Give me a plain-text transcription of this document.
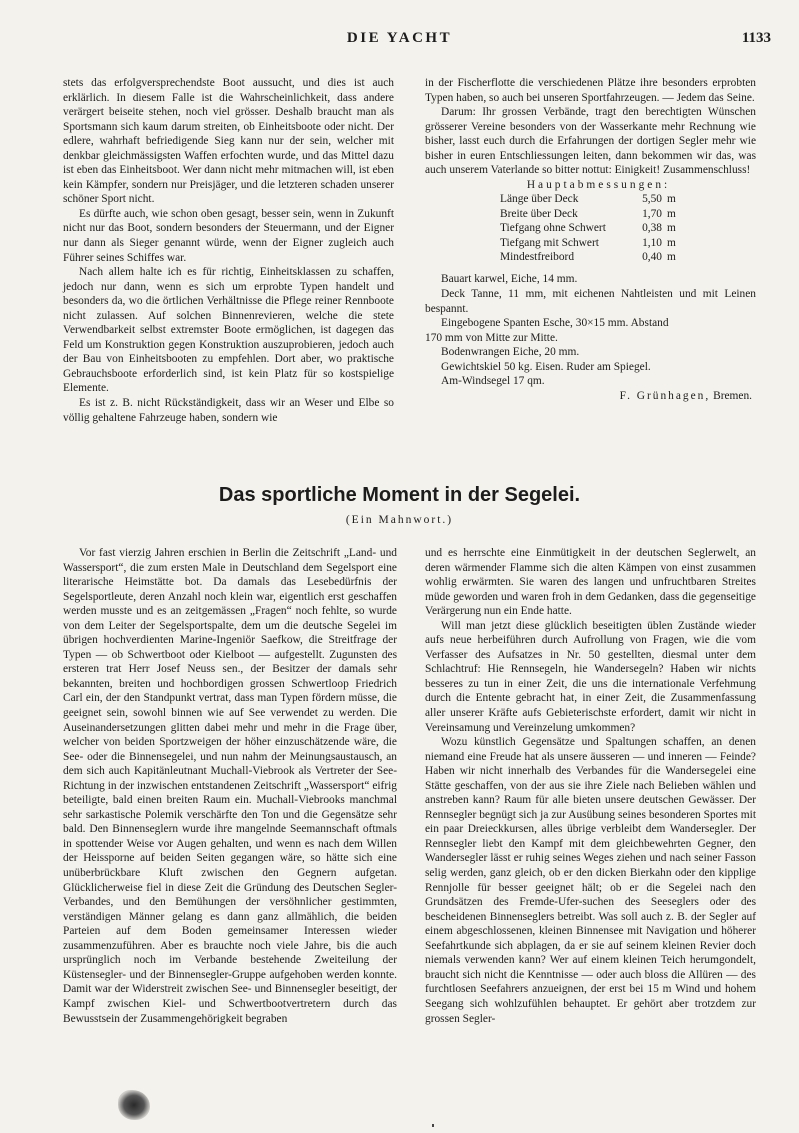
DIE YACHT	1133

stets das erfolgversprechendste Boot aussucht, und dies ist auch erklärlich. In diesem Falle ist die Wahrscheinlichkeit, dass andere verärgert beiseite stehen, noch viel grösser. Deshalb braucht man als Sportsmann sich kaum darum streiten, ob Einheitsboote oder nicht. Der edlere, wahrhaft befriedigende Sieg kann nur der sein, welcher mit denkbar gleichmässigsten Waffen erfochten wurde, und das Mittel dazu ist eben das Einheitsboot. Wer dann nicht mehr mitmachen will, ist eben kein Kämpfer, sondern nur Preisjäger, und die letzteren schaden unserer schöner Sport nicht.

Es dürfte auch, wie schon oben gesagt, besser sein, wenn in Zukunft nicht nur das Boot, sondern besonders der Steuermann, und der Eigner nur dann als Sieger genannt würde, wenn der Eigner zugleich auch Führer seines Schiffes war.

Nach allem halte ich es für richtig, Einheitsklassen zu schaffen, jedoch nur dann, wenn es sich um erprobte Typen handelt und besonders da, wo die örtlichen Verhältnisse die Pflege reiner Rennboote nicht zulassen. Auf solchen Binnenrevieren, welche die stete Verwendbarkeit selbst extremster Boote ermöglichen, ist dagegen das Feld um Konstruktion gegen Konstruktion auszuprobieren, jedoch auch der Bau von Einheitsbooten zu empfehlen. Dort aber, wo praktische Gebrauchsboote erforderlich sind, ist kein Platz für so kostspielige Elemente.

Es ist z. B. nicht Rückständigkeit, dass wir an Weser und Elbe so völlig gehaltene Fahrzeuge haben, sondern wie

in der Fischerflotte die verschiedenen Plätze ihre besonders erprobten Typen haben, so auch bei unseren Sportfahrzeugen. — Jedem das Seine.

Darum: Ihr grossen Verbände, tragt den berechtigten Wünschen grösserer Vereine besonders von der Wasserkante mehr Rechnung wie bisher, lasst euch durch die Erfahrungen der dortigen Segler mehr wie bisher in euren Entschliessungen leiten, dann bekommen wir das, was auch unserem Vaterlande so bitter nottut: Einigkeit! Zusammenschluss!

Hauptabmessungen:

Länge über Deck	5,50	m
Breite über Deck	1,70	m
Tiefgang ohne Schwert	0,38	m
Tiefgang mit Schwert	1,10	m
Mindestfreibord	0,40	m

Bauart karwel, Eiche, 14 mm.

Deck Tanne, 11 mm, mit eichenen Nahtleisten und mit Leinen bespannt.

Eingebogene Spanten Esche, 30×15 mm. Abstand

170 mm von Mitte zur Mitte.

Bodenwrangen Eiche, 20 mm.

Gewichtskiel 50 kg. Eisen. Ruder am Spiegel.

Am-Windsegel 17 qm.

F. Grünhagen, Bremen.

Das sportliche Moment in der Segelei.
(Ein Mahnwort.)

Vor fast vierzig Jahren erschien in Berlin die Zeitschrift „Land- und Wassersport“, die zum ersten Male in Deutschland dem Segelsport eine literarische Heimstätte bot. Da damals das Lesebedürfnis der Segelsportleute, deren Anzahl noch klein war, eigentlich erst geschaffen werden musste und es an zeitgemässen „Fragen“ noch fehlte, so wurde von dem Leiter der Segelsportspalte, dem um die deutsche Segelei im übrigen hochverdienten Marine-Ingeniör Saefkow, die Streitfrage der Typen — ob Schwertboot oder Kielboot — aufgestellt. Zugunsten des ersteren trat Herr Josef Neuss sen., der Besitzer der damals sehr bekannten, breiten und hochbordigen grossen Schwertloop Friedrich Carl ein, der den Standpunkt vertrat, dass man Typen fördern müsse, die geeignet sein, sowohl binnen wie auf See verwendet zu werden. Die Auseinandersetzungen glitten dabei mehr und mehr in die Frage über, welcher von beiden Sportzweigen der höher einzuschätzende wäre, die See- oder die Binnensegelei, und nun nahm der Meinungsaustausch, an dem sich auch Kapitänleutnant Muchall-Viebrook als Vertreter der See-Richtung in der inzwischen entstandenen Zeitschrift „Wassersport“ eifrig beteiligte, bald einen breiten Raum ein. Muchall-Viebrooks manchmal sehr sarkastische Polemik verschärfte den Ton und die Gegensätze sehr bald. Den Binnenseglern wurde ihre mangelnde Seemannschaft oftmals in spottender Weise vor Augen gehalten, und wenn es nach dem Willen der Heissporne auf beiden Seiten gegangen wäre, so hätte sich eine unüberbrückbare Kluft zwischen den Gegnern aufgetan. Glücklicherweise fiel in diese Zeit die Gründung des Deutschen Segler-Verbandes, und den Bemühungen der versöhnlicher gestimmten, verständigen Männer gelang es dann ganz allmählich, die beiden Parteien auf dem Boden gemeinsamer Interessen wieder zusammenzuführen. Aber es brauchte noch viele Jahre, bis die auch ursprünglich noch im Verbande bestehende Zweiteilung der Küstensegler- und der Binnensegler-Gruppe aufgehoben werden konnte. Damit war der Widerstreit zwischen See- und Binnensegler beseitigt, der Kampf zwischen Kiel- und Schwertbootvertretern durch das Bewusstsein der Zusammengehörigkeit begraben

und es herrschte eine Einmütigkeit in der deutschen Seglerwelt, an deren wärmender Flamme sich die alten Kämpen von einst zusammen wohlig erwärmten. Sie waren des langen und unfruchtbaren Streites müde geworden und waren froh in dem Gedanken, dass die gegenseitige Verärgerung nun ein Ende hatte.

Will man jetzt diese glücklich beseitigten üblen Zustände wieder aufs neue herbeiführen durch Aufrollung von Fragen, wie die vom Verfasser des Aufsatzes in Nr. 50 gestellten, diesmal unter dem Schlachtruf: Hie Rennsegeln, hie Wandersegeln? Haben wir nichts besseres zu tun in einer Zeit, die uns die internationale Verfehmung durch die Entente gebracht hat, in einer Zeit, die Zusammenfassung aller unserer Kräfte aufs Gebieterischste erfordert, damit wir nicht in Vereinsamung und Vereinzelung umkommen?

Wozu künstlich Gegensätze und Spaltungen schaffen, an denen niemand eine Freude hat als unsere äusseren — und inneren — Feinde? Haben wir nicht innerhalb des Verbandes für die Wandersegelei eine Stätte geschaffen, von der aus sie ihre Ziele nach Belieben wählen und anstreben kann? Raum für alle bieten unsere deutschen Gewässer. Der Rennsegler begnügt sich ja zur Ausübung seines besonderen Sportes mit ein paar Dreieckkursen, alles übrige verbleibt dem Wandersegler. Der Rennsegler liebt den Kampf mit dem gleichbewehrten Gegner, den Wandersegler lässt er ruhig seines Weges ziehen und nach seiner Fasson selig werden, ganz gleich, ob er den dicken Bierkahn oder den kipplige Rennjolle für besser geeignet hält; ob er die Segelei nach den Grundsätzen des Fremde-Ufer-suchen des Seeseglers oder des bescheidenen Binnenseglers betreibt. Was soll auch z. B. der Segler auf einem abgeschlossenen, kleinen Binnensee mit Navigation und höherer Seefahrtkunde sich abplagen, da er sie auf seinem kleinen Revier doch niemals verwenden kann? Wer auf einem kleinen Teich herumgondelt, braucht sich nicht die Kenntnisse — oder auch bloss die Allüren — des furchtlosen Seefahrers anzueignen, der erst bei 15 m Wind und hohem Seegang sich wohlzufühlen behauptet. Er gehört aber trotzdem zur grossen Segler-
